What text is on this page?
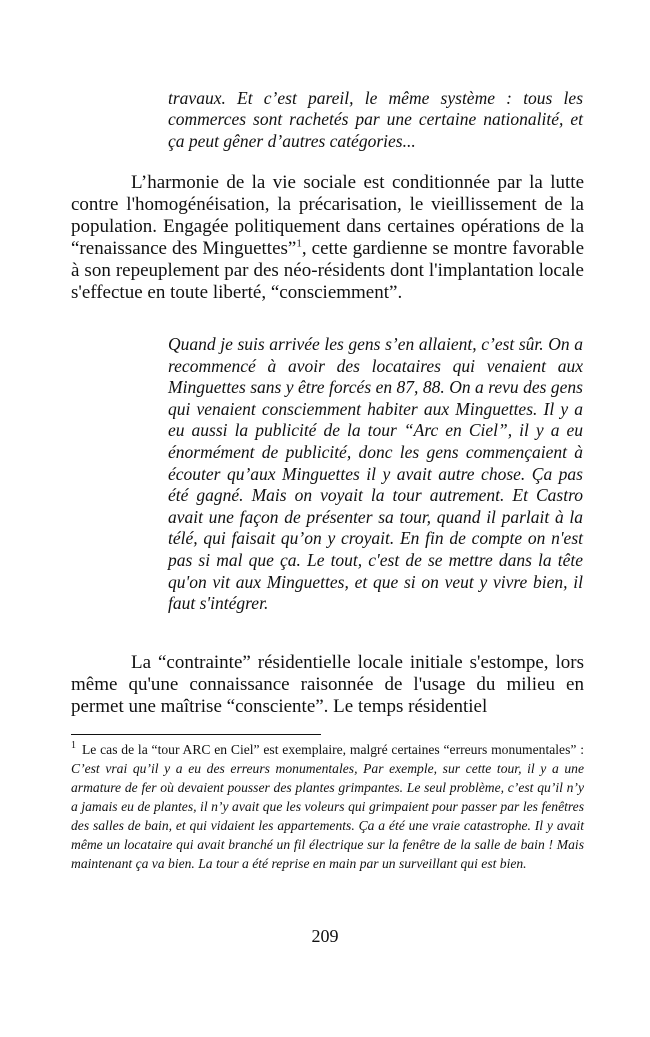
travaux. Et c’est pareil, le même système : tous les commerces sont rachetés par une certaine nationalité, et ça peut gêner d’autres catégories...

L’harmonie de la vie sociale est conditionnée par la lutte contre l'homogénéisation, la précarisation, le vieillissement de la population. Engagée politiquement dans certaines opérations de la “renaissance des Minguettes”$^1$, cette gardienne se montre favorable à son repeuplement par des néo-résidents dont l'implantation locale s'effectue en toute liberté, “consciemment”.

Quand je suis arrivée les gens s’en allaient, c’est sûr. On a recommencé à avoir des locataires qui venaient aux Minguettes sans y être forcés en 87, 88. On a revu des gens qui venaient consciemment habiter aux Minguettes. Il y a eu aussi la publicité de la tour “Arc en Ciel”, il y a eu énormément de publicité, donc les gens commençaient à écouter qu’aux Minguettes il y avait autre chose. Ça pas été gagné. Mais on voyait la tour autrement. Et Castro avait une façon de présenter sa tour, quand il parlait à la télé, qui faisait qu’on y croyait. En fin de compte on n'est pas si mal que ça. Le tout, c'est de se mettre dans la tête qu'on vit aux Minguettes, et que si on veut y vivre bien, il faut s'intégrer.

La “contrainte” résidentielle locale initiale s'estompe, lors même qu'une connaissance raisonnée de l'usage du milieu en permet une maîtrise “consciente”. Le temps résidentiel

$^1$ Le cas de la “tour ARC en Ciel” est exemplaire, malgré certaines “erreurs monumentales” : C’est vrai qu’il y a eu des erreurs monumentales, Par exemple, sur cette tour, il y a une armature de fer où devaient pousser des plantes grimpantes. Le seul problème, c’est qu’il n’y a jamais eu de plantes, il n’y avait que les voleurs qui grimpaient pour passer par les fenêtres des salles de bain, et qui vidaient les appartements. Ça a été une vraie catastrophe. Il y avait même un locataire qui avait branché un fil électrique sur la fenêtre de la salle de bain ! Mais maintenant ça va bien. La tour a été reprise en main par un surveillant qui est bien.

209
